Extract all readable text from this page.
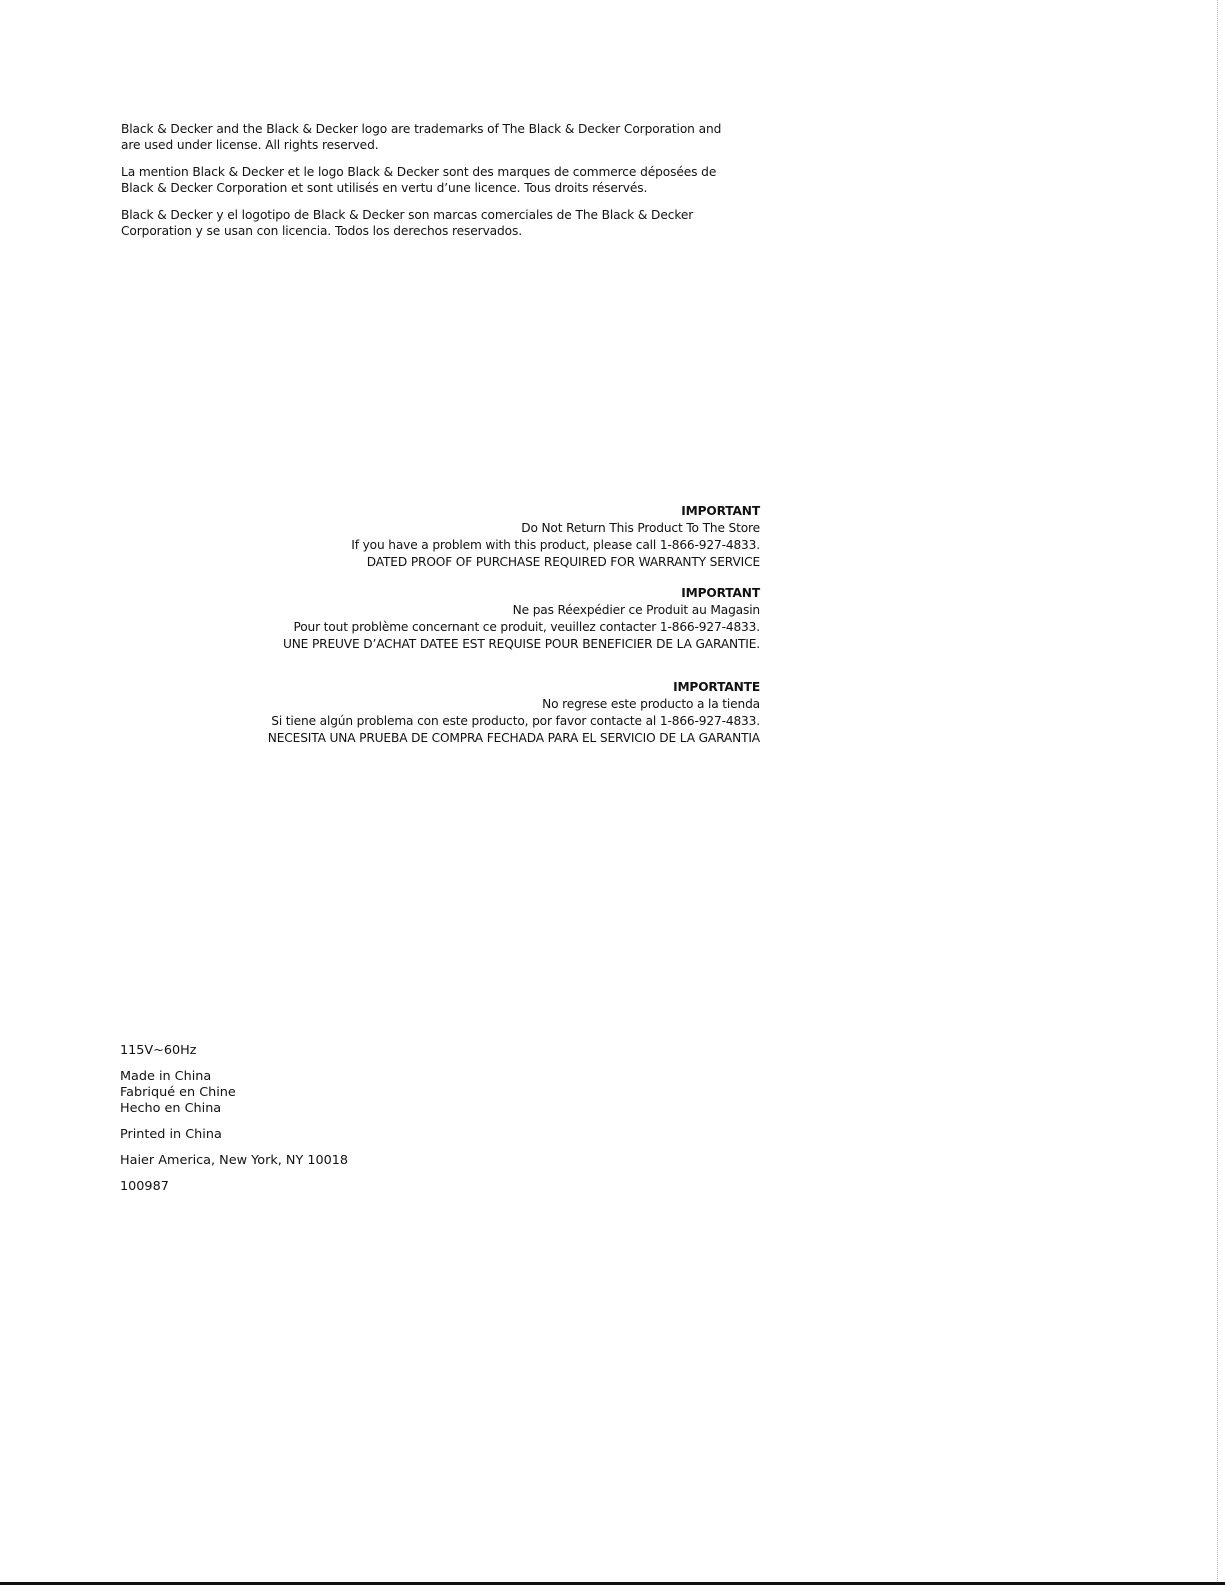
Black & Decker and the Black & Decker logo are trademarks of The Black & Decker Corporation and are used under license. All rights reserved.

La mention Black & Decker et le logo Black & Decker sont des marques de commerce déposées de Black & Decker Corporation et sont utilisés en vertu d’une licence. Tous droits réservés.

Black & Decker y el logotipo de Black & Decker son marcas comerciales de The Black & Decker Corporation y se usan con licencia. Todos los derechos reservados.

IMPORTANT
Do Not Return This Product To The Store
If you have a problem with this product, please call 1-866-927-4833.
DATED PROOF OF PURCHASE REQUIRED FOR WARRANTY SERVICE

IMPORTANT
Ne pas Réexpédier ce Produit au Magasin
Pour tout problème concernant ce produit, veuillez contacter 1-866-927-4833.
UNE PREUVE D’ACHAT DATEE EST REQUISE POUR BENEFICIER DE LA GARANTIE.

IMPORTANTE
No regrese este producto a la tienda
Si tiene algún problema con este producto, por favor contacte al 1-866-927-4833.
NECESITA UNA PRUEBA DE COMPRA FECHADA PARA EL SERVICIO DE LA GARANTIA

115V~60Hz

Made in China
Fabriqué en Chine
Hecho en China

Printed in China

Haier America, New York, NY 10018

100987
